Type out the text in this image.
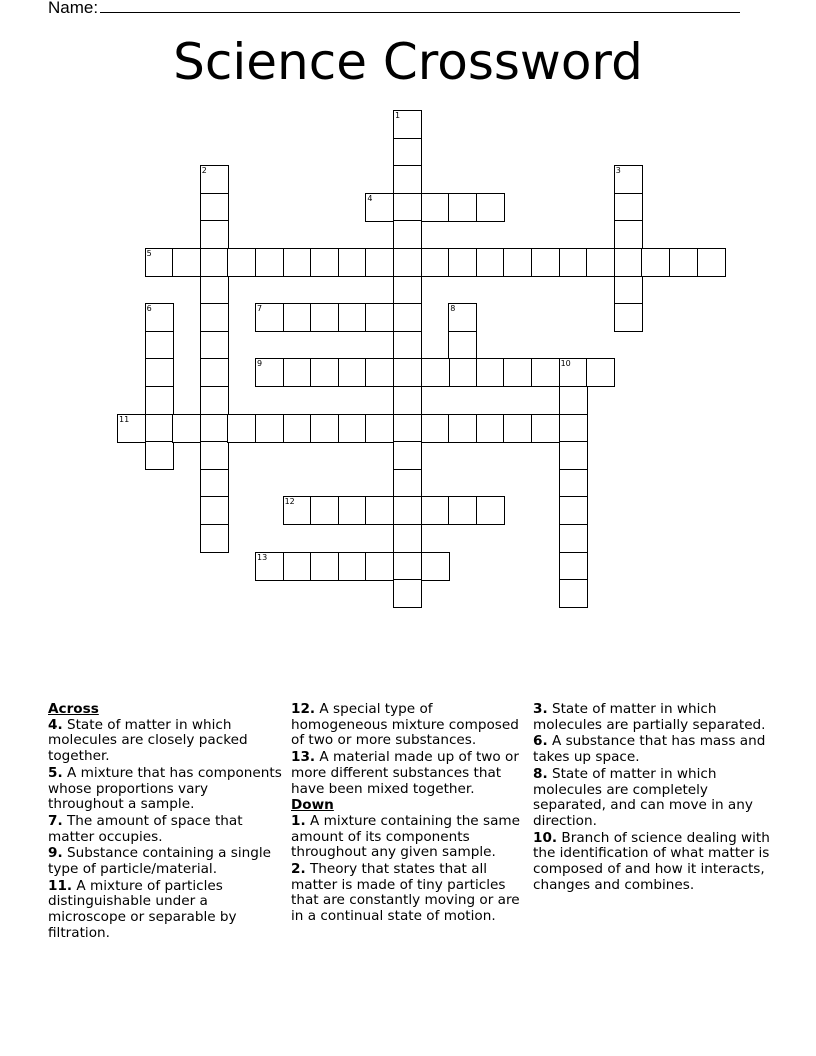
Name:
Science Crossword
1
2	3
4
5
6	7	8
9	10
11
12
13
Across
4. State of matter in which molecules are closely packed together.
5. A mixture that has components whose proportions vary throughout a sample.
7. The amount of space that matter occupies.
9. Substance containing a single type of particle/material.
11. A mixture of particles distinguishable under a microscope or separable by filtration.
12. A special type of homogeneous mixture composed of two or more substances.
13. A material made up of two or more different substances that have been mixed together.
Down
1. A mixture containing the same amount of its components throughout any given sample.
2. Theory that states that all matter is made of tiny particles that are constantly moving or are in a continual state of motion.
3. State of matter in which molecules are partially separated.
6. A substance that has mass and takes up space.
8. State of matter in which molecules are completely separated, and can move in any direction.
10. Branch of science dealing with the identification of what matter is composed of and how it interacts, changes and combines.
